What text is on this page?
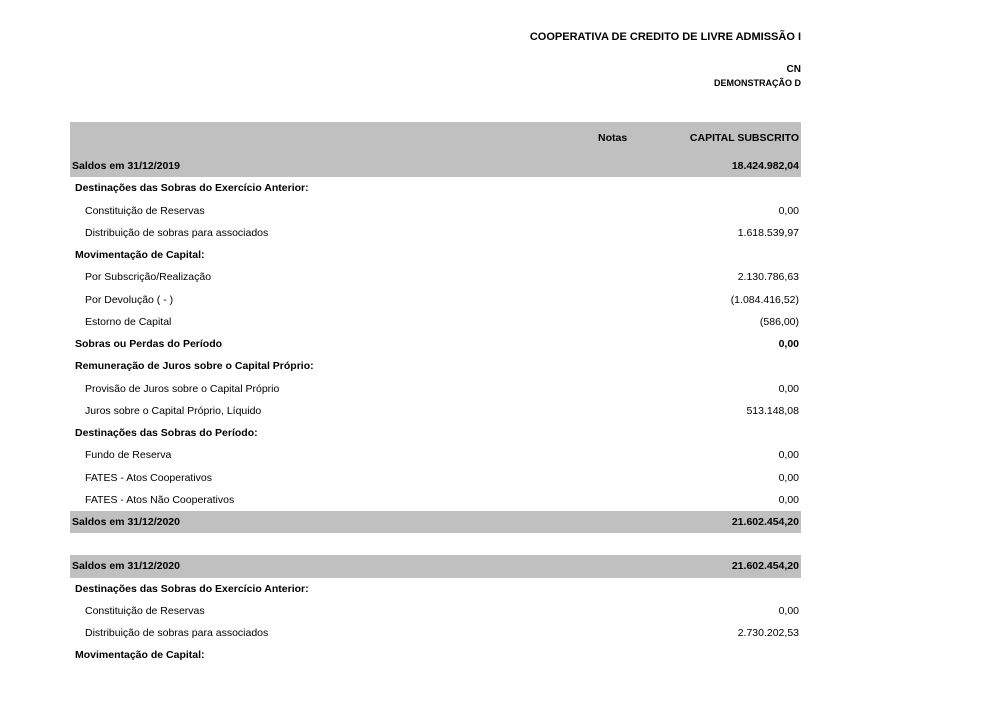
COOPERATIVA DE CREDITO DE LIVRE ADMISSÃO I
CN
DEMONSTRAÇÃO D
Notas	CAPITAL SUBSCRITO
Saldos em 31/12/2019	18.424.982,04
Destinações das Sobras do Exercício Anterior:
Constituição de Reservas	0,00
Distribuição de sobras para associados	1.618.539,97
Movimentação de Capital:
Por Subscrição/Realização	2.130.786,63
Por Devolução ( - )	(1.084.416,52)
Estorno de Capital	(586,00)
Sobras ou Perdas do Período	0,00
Remuneração de Juros sobre o Capital Próprio:
Provisão de Juros sobre o Capital Próprio	0,00
Juros sobre o Capital Próprio, Líquido	513.148,08
Destinações das Sobras do Período:
Fundo de Reserva	0,00
FATES - Atos Cooperativos	0,00
FATES - Atos Não Cooperativos	0,00
Saldos em 31/12/2020	21.602.454,20
Saldos em 31/12/2020	21.602.454,20
Destinações das Sobras do Exercício Anterior:
Constituição de Reservas	0,00
Distribuição de sobras para associados	2.730.202,53
Movimentação de Capital:
